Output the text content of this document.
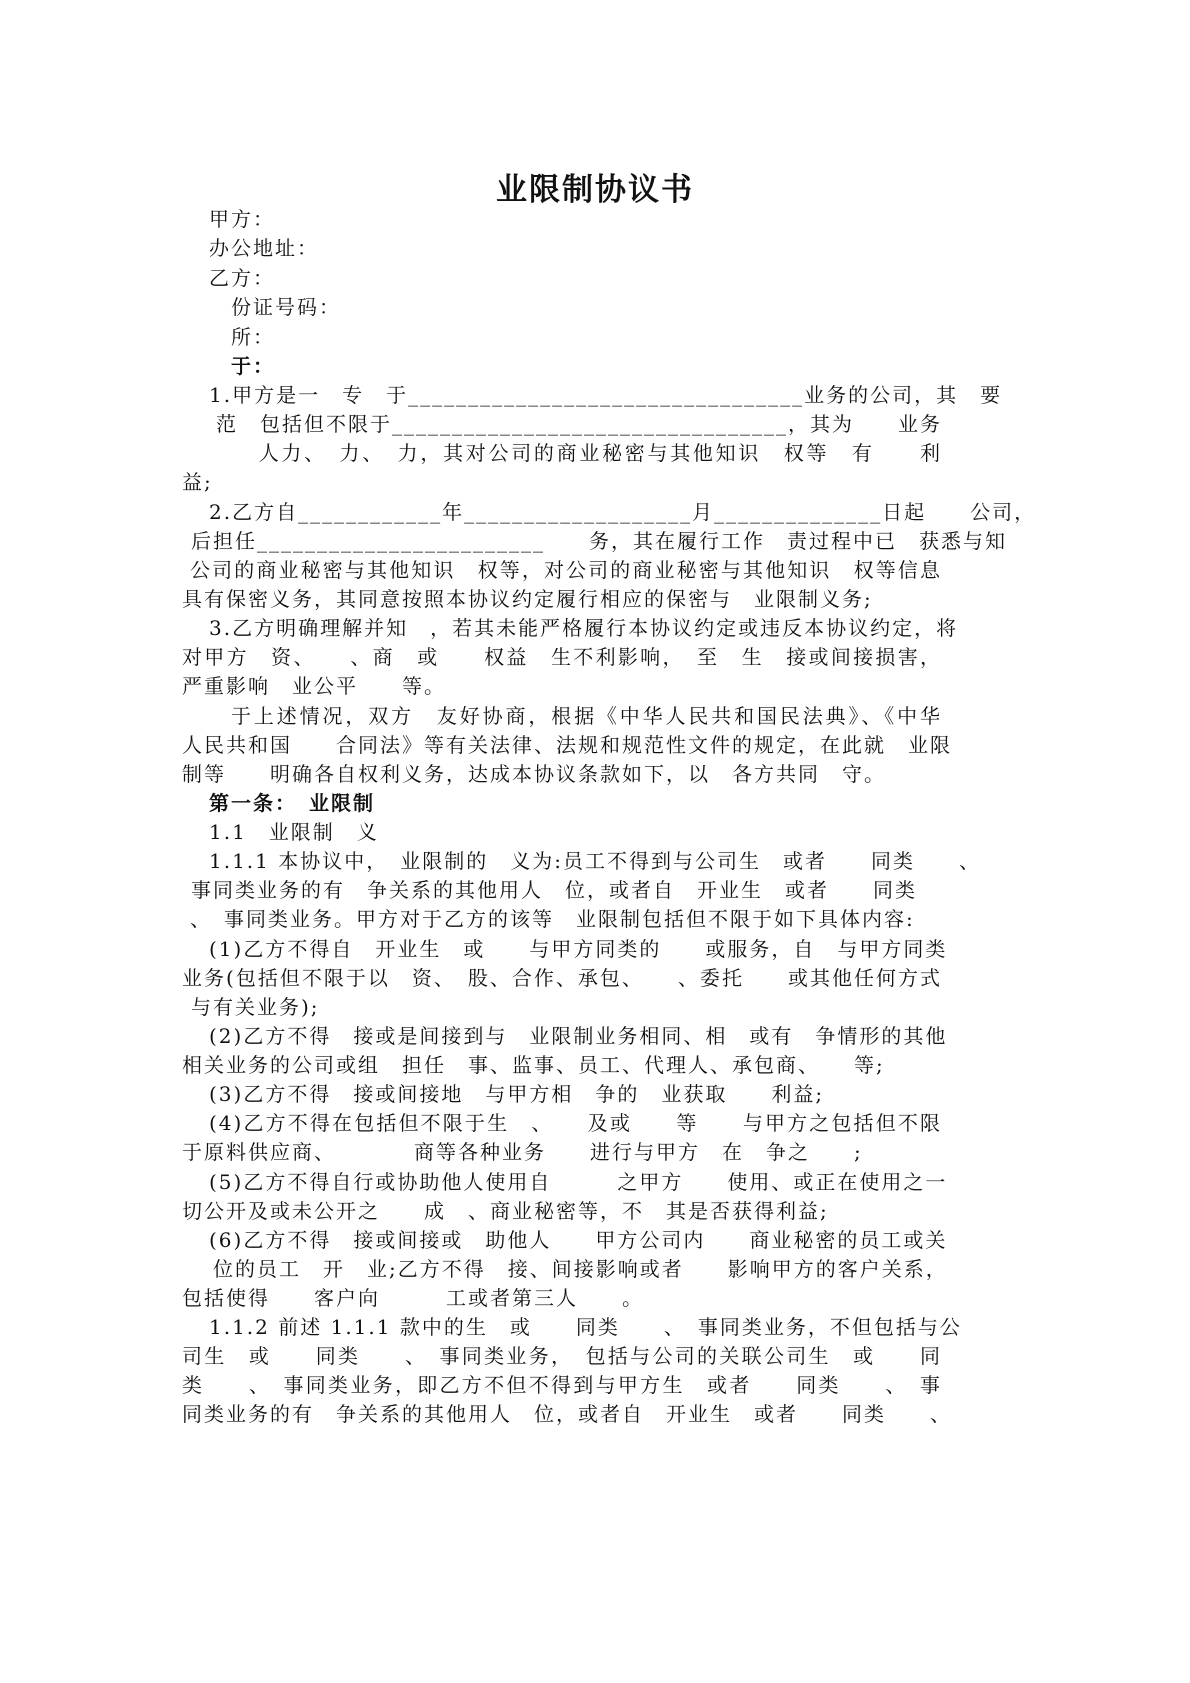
业限制协议书
甲方：
办公地址：
乙方：
份证号码：
所：
于：
1.甲方是一　专　于_________________________________业务的公司，其　要
范　包括但不限于_________________________________，其为　　业务
　人力、　力、　力，其对公司的商业秘密与其他知识　权等　有　　利
益;
2.乙方自____________年___________________月______________日起　　公司，
后担任________________________　　务，其在履行工作　责过程中已　获悉与知
公司的商业秘密与其他知识　权等，对公司的商业秘密与其他知识　权等信息
具有保密义务，其同意按照本协议约定履行相应的保密与　业限制义务;
3.乙方明确理解并知　，若其未能严格履行本协议约定或违反本协议约定，将
对甲方　资、　　、商　或　　权益　生不利影响，　至　生　接或间接损害，
严重影响　业公平　　等。
于上述情况，双方　友好协商，根据《中华人民共和国民法典》、《中华
人民共和国　　合同法》等有关法律、法规和规范性文件的规定，在此就　业限
制等　　明确各自权利义务，达成本协议条款如下，以　各方共同　守。
第一条：　业限制
1.1　业限制　义
1.1.1 本协议中，　业限制的　义为:员工不得到与公司生　或者　　同类　　、
事同类业务的有　争关系的其他用人　位，或者自　开业生　或者　　同类
、　事同类业务。甲方对于乙方的该等　业限制包括但不限于如下具体内容:
(1)乙方不得自　开业生　或　　与甲方同类的　　或服务，自　与甲方同类
业务(包括但不限于以　资、　股、合作、承包、　　、委托　　或其他任何方式
与有关业务);
(2)乙方不得　接或是间接到与　业限制业务相同、相　或有　争情形的其他
相关业务的公司或组　担任　事、监事、员工、代理人、承包商、　　等;
(3)乙方不得　接或间接地　与甲方相　争的　业获取　　利益;
(4)乙方不得在包括但不限于生　、　　及或　　等　　与甲方之包括但不限
于原料供应商、　　　　商等各种业务　　进行与甲方　在　争之　　;
(5)乙方不得自行或协助他人使用自　　　之甲方　　使用、或正在使用之一
切公开及或未公开之　　成　、商业秘密等，不　其是否获得利益;
(6)乙方不得　接或间接或　助他人　　甲方公司内　　商业秘密的员工或关
位的员工　开　业;乙方不得　接、间接影响或者　　影响甲方的客户关系，
包括使得　　客户向　　　工或者第三人　　。
1.1.2 前述 1.1.1 款中的生　或　　同类　　、　事同类业务，不但包括与公
司生　或　　同类　　、　事同类业务，　包括与公司的关联公司生　或　　同
类　　、　事同类业务，即乙方不但不得到与甲方生　或者　　同类　　、　事
同类业务的有　争关系的其他用人　位，或者自　开业生　或者　　同类　　、
